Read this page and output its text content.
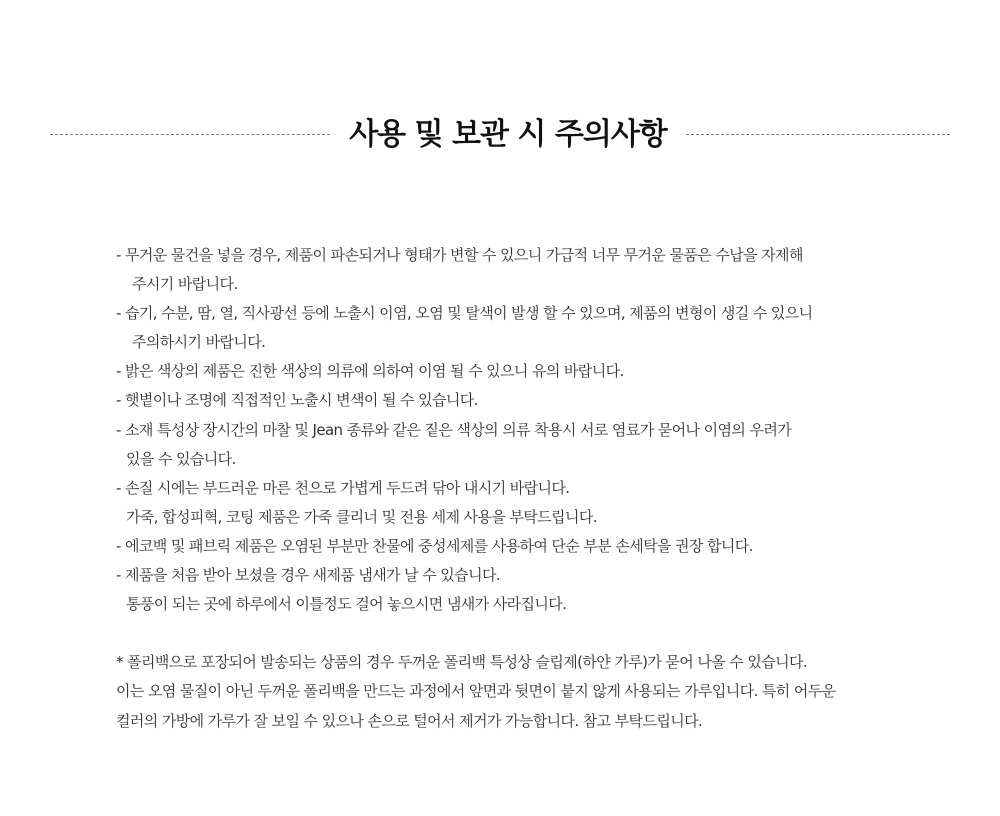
사용 및 보관 시 주의사항
- 무거운 물건을 넣을 경우, 제품이 파손되거나 형태가 변할 수 있으니 가급적 너무 무거운 물품은 수납을 자제해
주시기 바랍니다.
- 습기, 수분, 땀, 열, 직사광선 등에 노출시 이염, 오염 및 탈색이 발생 할 수 있으며, 제품의 변형이 생길 수 있으니
주의하시기 바랍니다.
- 밝은 색상의 제품은 진한 색상의 의류에 의하여 이염 될 수 있으니 유의 바랍니다.
- 햇볕이나 조명에 직접적인 노출시 변색이 될 수 있습니다.
- 소재 특성상 장시간의 마찰 및 Jean 종류와 같은 짙은 색상의 의류 착용시 서로 염료가 묻어나 이염의 우려가
있을 수 있습니다.
- 손질 시에는 부드러운 마른 천으로 가볍게 두드려 닦아 내시기 바랍니다.
가죽, 합성피혁, 코팅 제품은 가죽 클리너 및 전용 세제 사용을 부탁드립니다.
- 에코백 및 패브릭 제품은 오염된 부분만 찬물에 중성세제를 사용하여 단순 부분 손세탁을 권장 합니다.
- 제품을 처음 받아 보셨을 경우 새제품 냄새가 날 수 있습니다.
통풍이 되는 곳에 하루에서 이틀정도 걸어 놓으시면 냄새가 사라집니다.
* 폴리백으로 포장되어 발송되는 상품의 경우 두꺼운 폴리백 특성상 슬립제(하얀 가루)가 묻어 나올 수 있습니다.
이는 오염 물질이 아닌 두꺼운 폴리백을 만드는 과정에서 앞면과 뒷면이 붙지 않게 사용되는 가루입니다. 특히 어두운
컬러의 가방에 가루가 잘 보일 수 있으나 손으로 털어서 제거가 가능합니다. 참고 부탁드립니다.
